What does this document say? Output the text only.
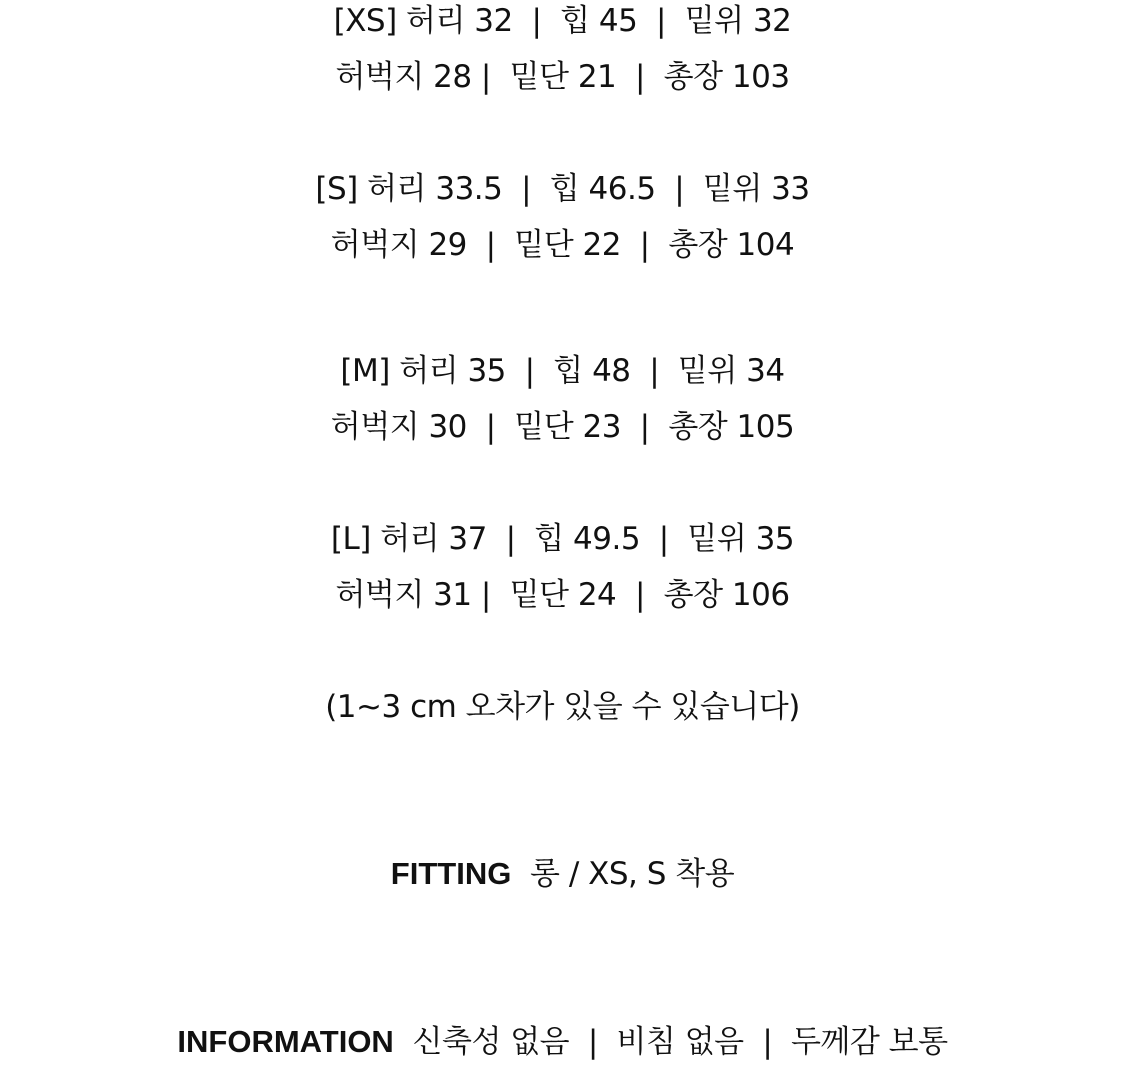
[XS] 허리 32  |  힙 45  |  밑위 32
허벅지 28 |  밑단 21  |  총장 103
[S] 허리 33.5  |  힙 46.5  |  밑위 33
허벅지 29  |  밑단 22  |  총장 104
[M] 허리 35  |  힙 48  |  밑위 34
허벅지 30  |  밑단 23  |  총장 105
[L] 허리 37  |  힙 49.5  |  밑위 35
허벅지 31 |  밑단 24  |  총장 106
(1~3 cm 오차가 있을 수 있습니다)
FITTING 롱 / XS, S 착용
INFORMATION 신축성 없음  |  비침 없음  |  두께감 보통
